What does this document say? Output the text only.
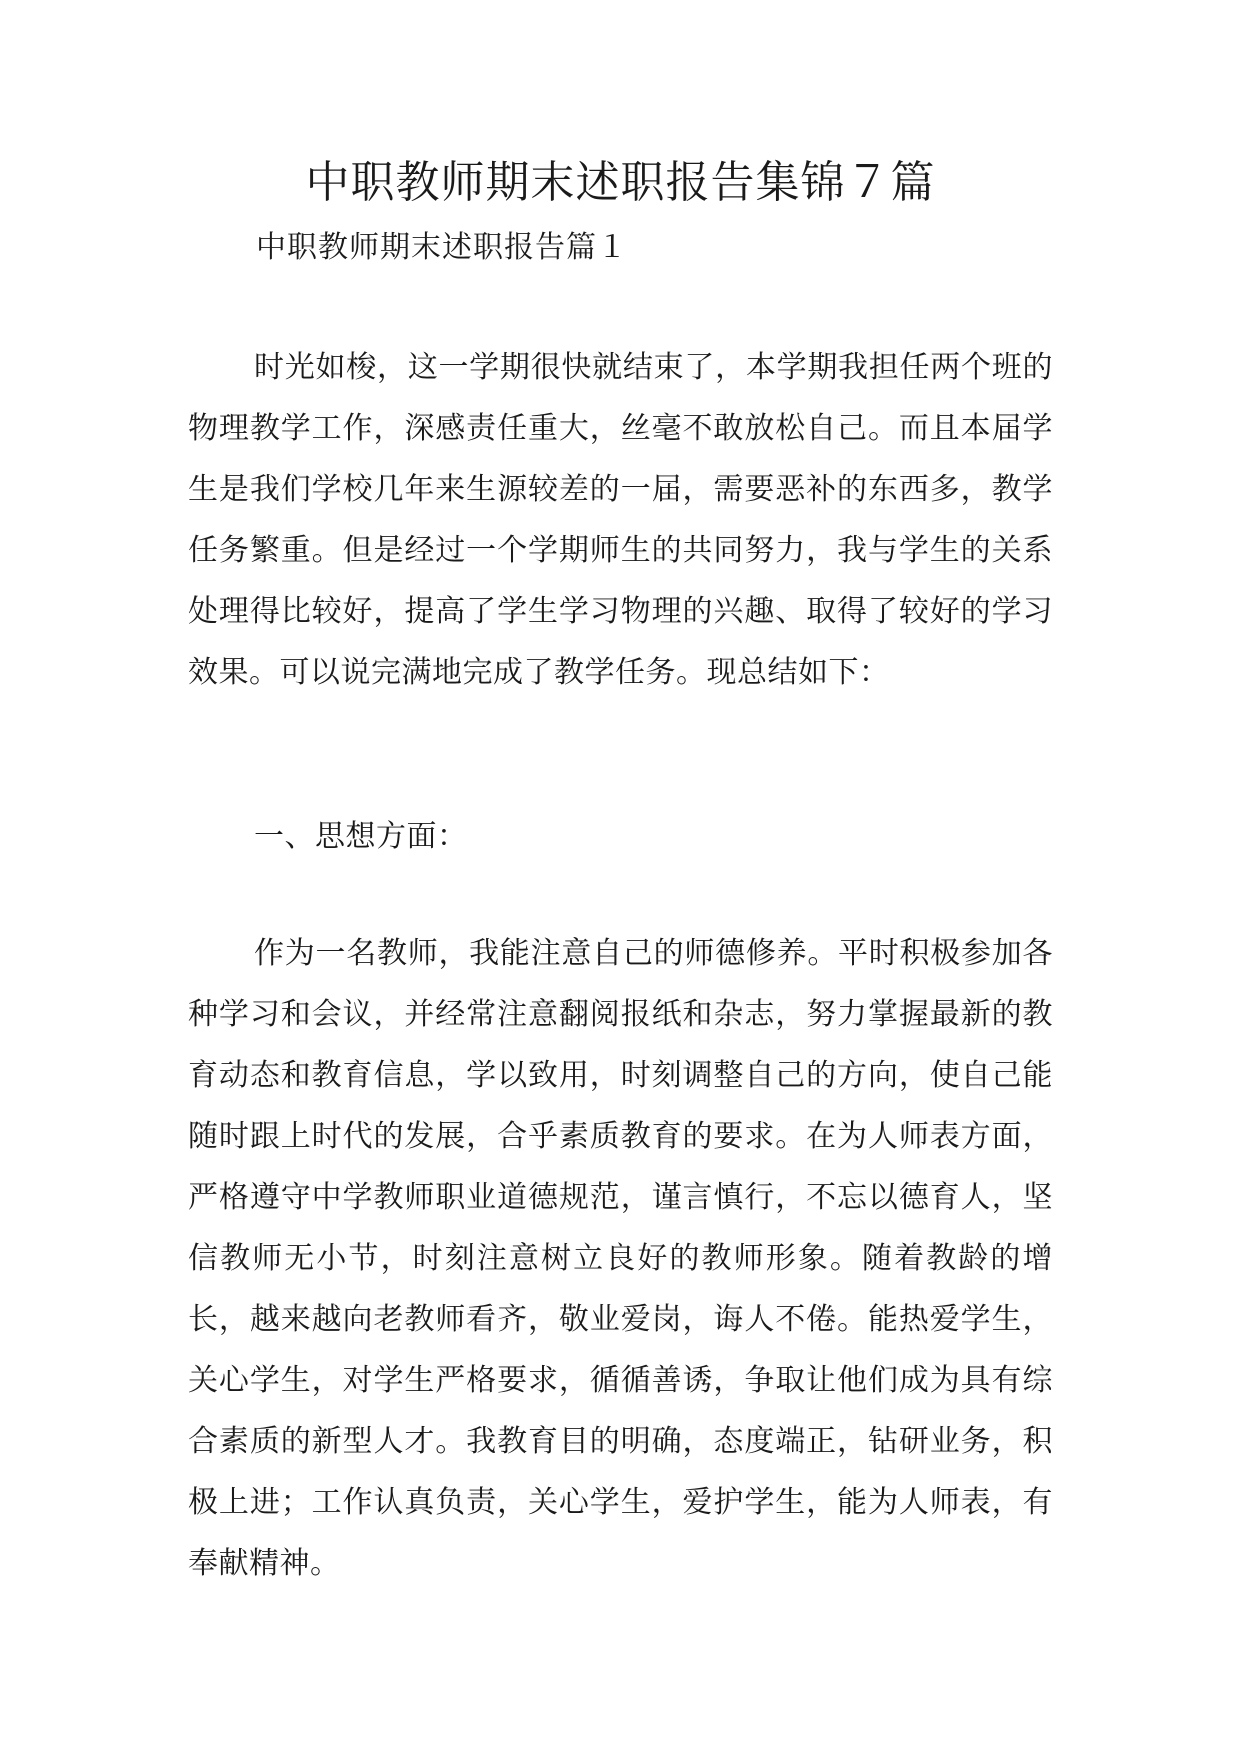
中职教师期末述职报告集锦７篇

中职教师期末述职报告篇１

时光如梭，这一学期很快就结束了，本学期我担任两个班的物理教学工作，深感责任重大，丝毫不敢放松自己。而且本届学生是我们学校几年来生源较差的一届，需要恶补的东西多，教学任务繁重。但是经过一个学期师生的共同努力，我与学生的关系处理得比较好，提高了学生学习物理的兴趣、取得了较好的学习效果。可以说完满地完成了教学任务。现总结如下：

一、思想方面：

作为一名教师，我能注意自己的师德修养。平时积极参加各种学习和会议，并经常注意翻阅报纸和杂志，努力掌握最新的教育动态和教育信息，学以致用，时刻调整自己的方向，使自己能随时跟上时代的发展，合乎素质教育的要求。在为人师表方面，严格遵守中学教师职业道德规范，谨言慎行，不忘以德育人，坚信教师无小节，时刻注意树立良好的教师形象。随着教龄的增长，越来越向老教师看齐，敬业爱岗，诲人不倦。能热爱学生，关心学生，对学生严格要求，循循善诱，争取让他们成为具有综合素质的新型人才。我教育目的明确，态度端正，钻研业务，积极上进；工作认真负责，关心学生，爱护学生，能为人师表，有奉献精神。
